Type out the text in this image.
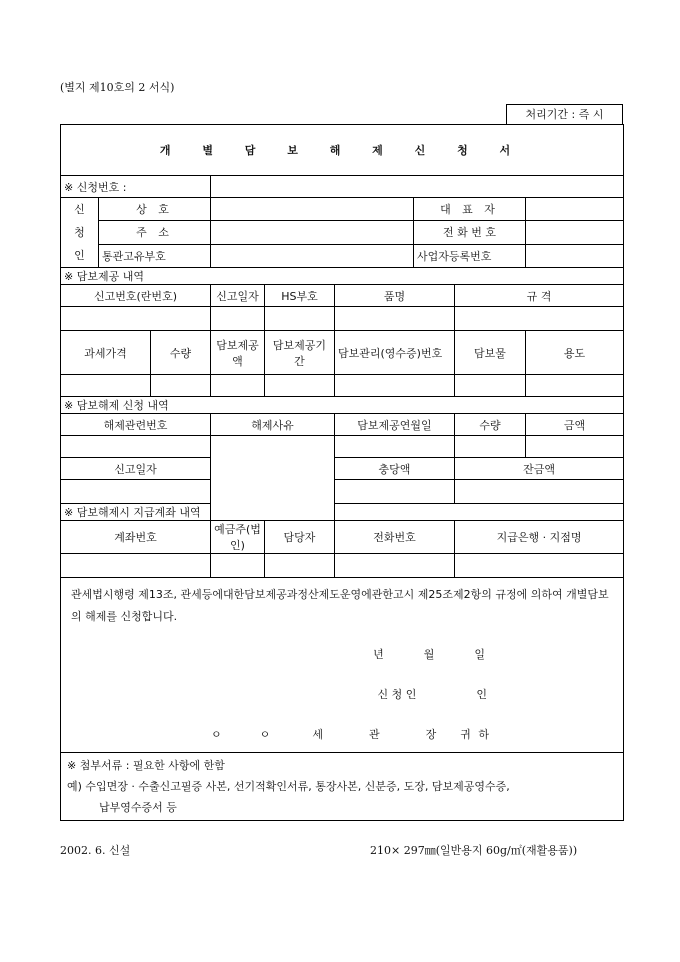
(별지 제10호의 2 서식)
처리기간 : 즉 시
개 별 담 보 해 제 신 청 서								
※ 신청번호 :								
신
청
인	상 호					대 표 자		
	주 소					전 화 번 호		
	통관고유부호					사업자등록번호		
※ 담보제공 내역								
신고번호(란번호)			신고일자	HS부호	품명		규 격	

과세가격		수량	담보제공액	담보제공기간	담보관리(영수증)번호		담보물	용도

※ 담보해제 신청 내역								
해제관련번호			해제사유		담보제공연월일		수량	금액

신고일자					충당액		잔금액	

※ 담보해제시 지급계좌 내역								
계좌번호			예금주(법인)	담당자	전화번호		지급은행 · 지점명	

관세법시행령 제13조, 관세등에대한담보제공과정산제도운영에관한고시 제25조제2항의 규정에 의하여 개별담보의 해제를 신청합니다.
년 월 일
신 청 인 인
ㅇ ㅇ 세 관 장 귀 하								

※ 첨부서류 : 필요한 사항에 한함
예) 수입면장 · 수출신고필증 사본, 선기적확인서류, 통장사본, 신분증, 도장, 담보제공영수증,
납부영수증서 등								
2002. 6. 신설	210× 297㎜(일반용지 60g/㎡(재활용품))
